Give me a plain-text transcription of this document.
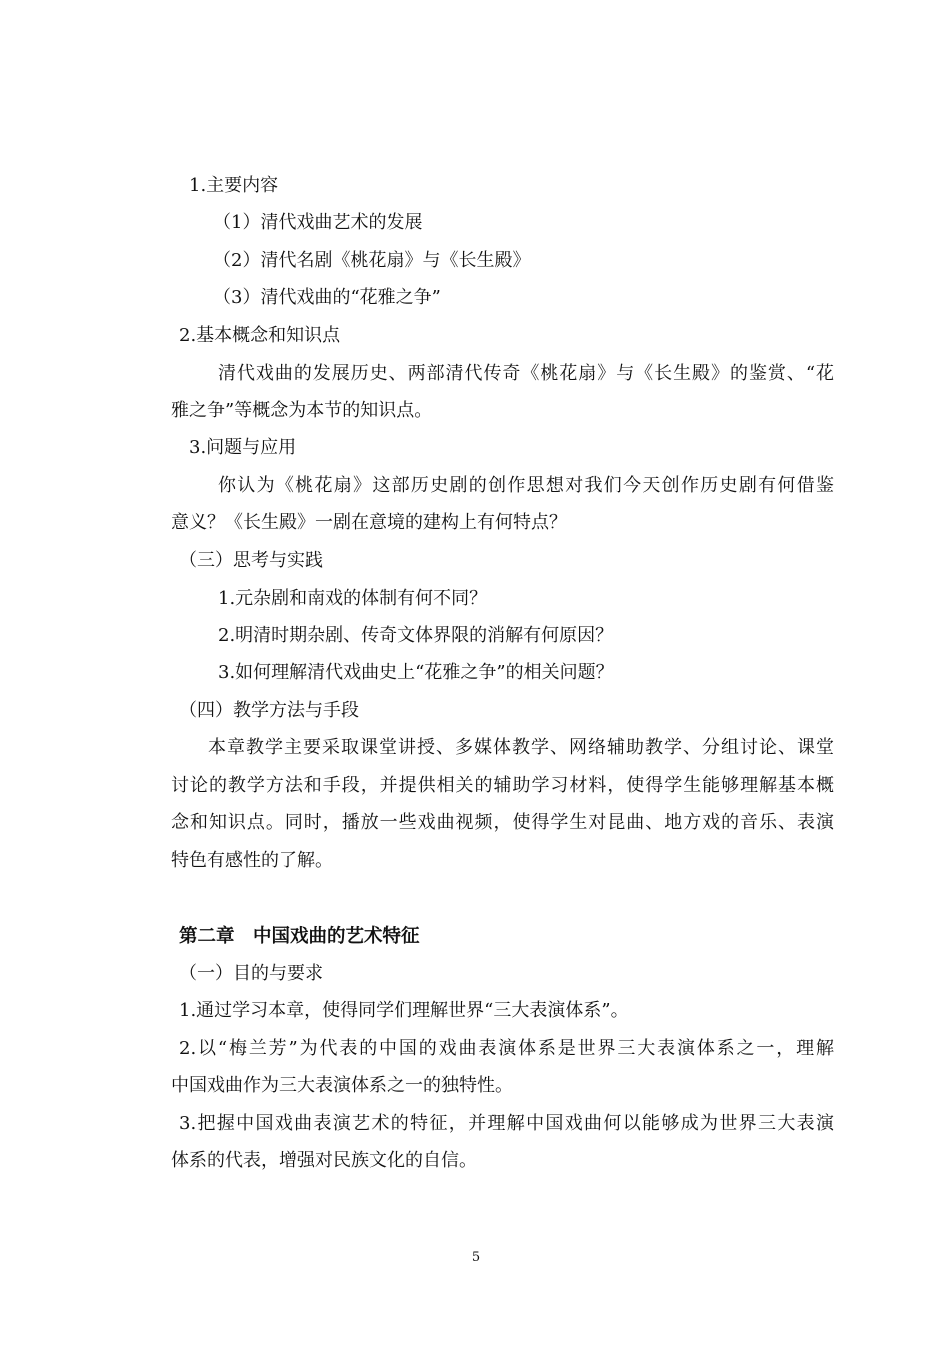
1.主要内容
（1）清代戏曲艺术的发展
（2）清代名剧《桃花扇》与《长生殿》
（3）清代戏曲的“花雅之争”
2.基本概念和知识点
清代戏曲的发展历史、两部清代传奇《桃花扇》与《长生殿》的鉴赏、“花
雅之争”等概念为本节的知识点。
3.问题与应用
你认为《桃花扇》这部历史剧的创作思想对我们今天创作历史剧有何借鉴
意义？《长生殿》一剧在意境的建构上有何特点？
（三）思考与实践
1.元杂剧和南戏的体制有何不同？
2.明清时期杂剧、传奇文体界限的消解有何原因？
3.如何理解清代戏曲史上“花雅之争”的相关问题？
（四）教学方法与手段
本章教学主要采取课堂讲授、多媒体教学、网络辅助教学、分组讨论、课堂
讨论的教学方法和手段，并提供相关的辅助学习材料，使得学生能够理解基本概
念和知识点。同时，播放一些戏曲视频，使得学生对昆曲、地方戏的音乐、表演
特色有感性的了解。
第二章　中国戏曲的艺术特征
（一）目的与要求
1.通过学习本章，使得同学们理解世界“三大表演体系”。
2.以“梅兰芳”为代表的中国的戏曲表演体系是世界三大表演体系之一，理解
中国戏曲作为三大表演体系之一的独特性。
3.把握中国戏曲表演艺术的特征，并理解中国戏曲何以能够成为世界三大表演
体系的代表，增强对民族文化的自信。
5
